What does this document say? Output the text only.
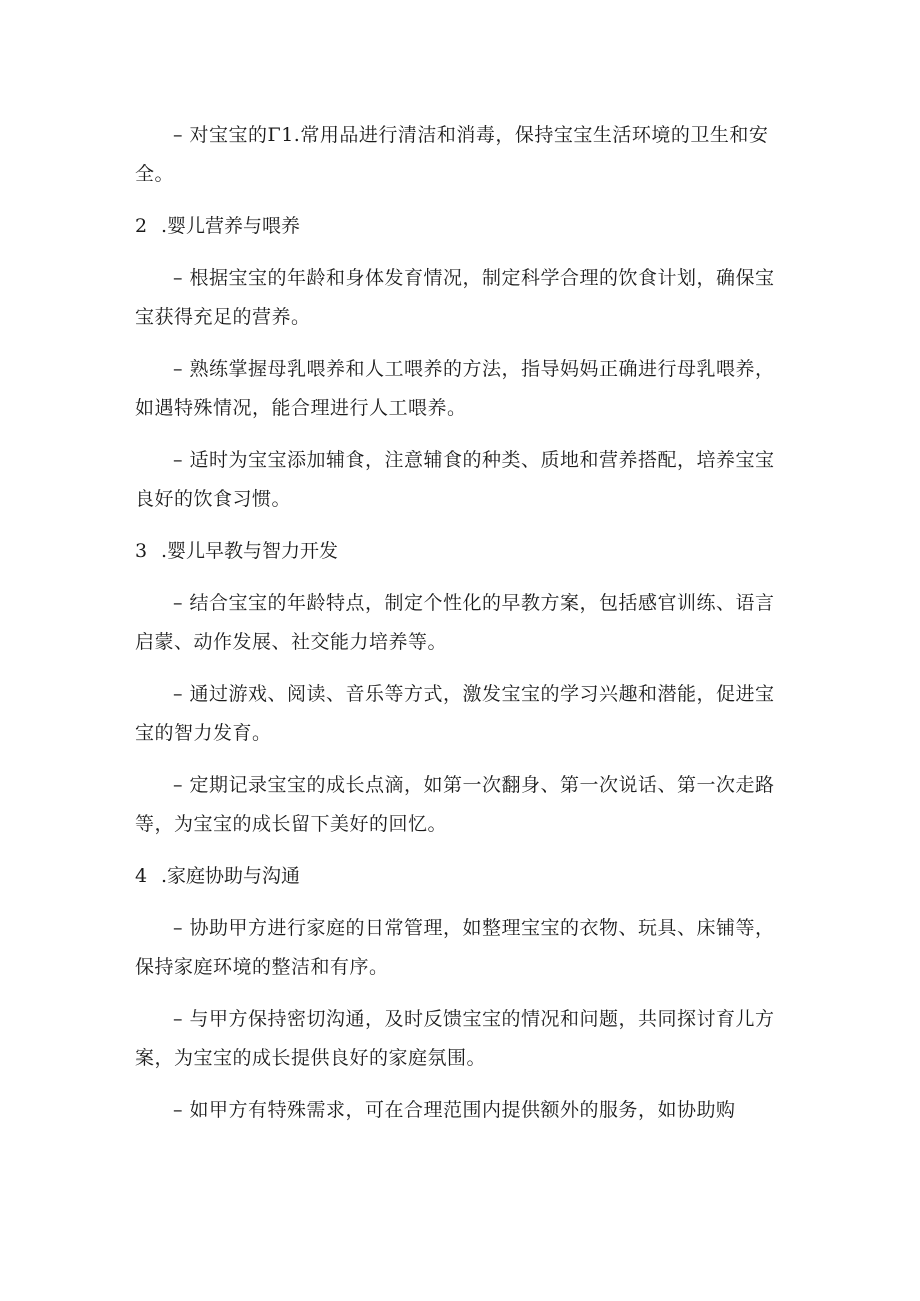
– 对宝宝的Γ1.常用品进行清洁和消毒，保持宝宝生活环境的卫生和安全。

2 .婴儿营养与喂养

– 根据宝宝的年龄和身体发育情况，制定科学合理的饮食计划，确保宝宝获得充足的营养。

– 熟练掌握母乳喂养和人工喂养的方法，指导妈妈正确进行母乳喂养，如遇特殊情况，能合理进行人工喂养。

– 适时为宝宝添加辅食，注意辅食的种类、质地和营养搭配，培养宝宝良好的饮食习惯。

3 .婴儿早教与智力开发

– 结合宝宝的年龄特点，制定个性化的早教方案，包括感官训练、语言启蒙、动作发展、社交能力培养等。

– 通过游戏、阅读、音乐等方式，激发宝宝的学习兴趣和潜能，促进宝宝的智力发育。

– 定期记录宝宝的成长点滴，如第一次翻身、第一次说话、第一次走路等，为宝宝的成长留下美好的回忆。

4 .家庭协助与沟通

– 协助甲方进行家庭的日常管理，如整理宝宝的衣物、玩具、床铺等，保持家庭环境的整洁和有序。

– 与甲方保持密切沟通，及时反馈宝宝的情况和问题，共同探讨育儿方案，为宝宝的成长提供良好的家庭氛围。

– 如甲方有特殊需求，可在合理范围内提供额外的服务，如协助购
